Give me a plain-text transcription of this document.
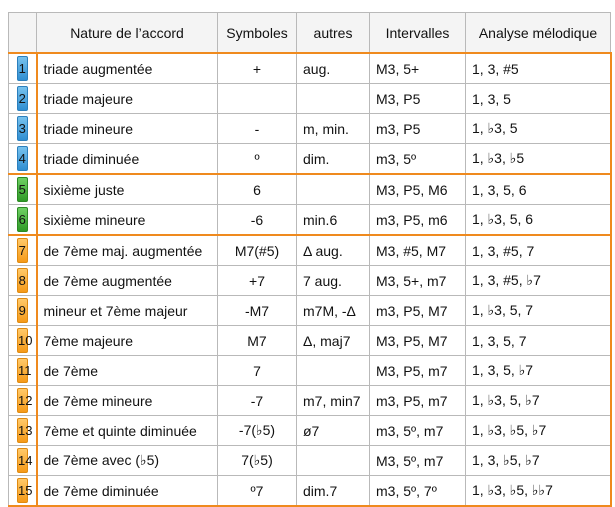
	Nature de l’accord	Symboles	autres	Intervalles	Analyse mélodique

1	triade augmentée	+	aug.	M3, 5+	1, 3, #5

2	triade majeure			M3, P5	1, 3, 5

3	triade mineure	-	m, min.	m3, P5	1, ♭3, 5

4	triade diminuée	º	dim.	m3, 5º	1, ♭3, ♭5

5	sixième juste	6		M3, P5, M6	1, 3, 5, 6

6	sixième mineure	-6	min.6	m3, P5, m6	1, ♭3, 5, 6

7	de 7ème maj. augmentée	M7(#5)	Δ aug.	M3, #5, M7	1, 3, #5, 7

8	de 7ème augmentée	+7	7 aug.	M3, 5+, m7	1, 3, #5, ♭7

9	mineur et 7ème majeur	-M7	m7M, -Δ	m3, P5, M7	1, ♭3, 5, 7

10	7ème majeure	M7	Δ, maj7	M3, P5, M7	1, 3, 5, 7

11	de 7ème	7		M3, P5, m7	1, 3, 5, ♭7

12	de 7ème mineure	-7	m7, min7	m3, P5, m7	1, ♭3, 5, ♭7

13	7ème et quinte diminuée	-7(♭5)	ø7	m3, 5º, m7	1, ♭3, ♭5, ♭7

14	de 7ème avec (♭5)	7(♭5)		M3, 5º, m7	1, 3, ♭5, ♭7

15	de 7ème diminuée	º7	dim.7	m3, 5º, 7º	1, ♭3, ♭5, ♭♭7
